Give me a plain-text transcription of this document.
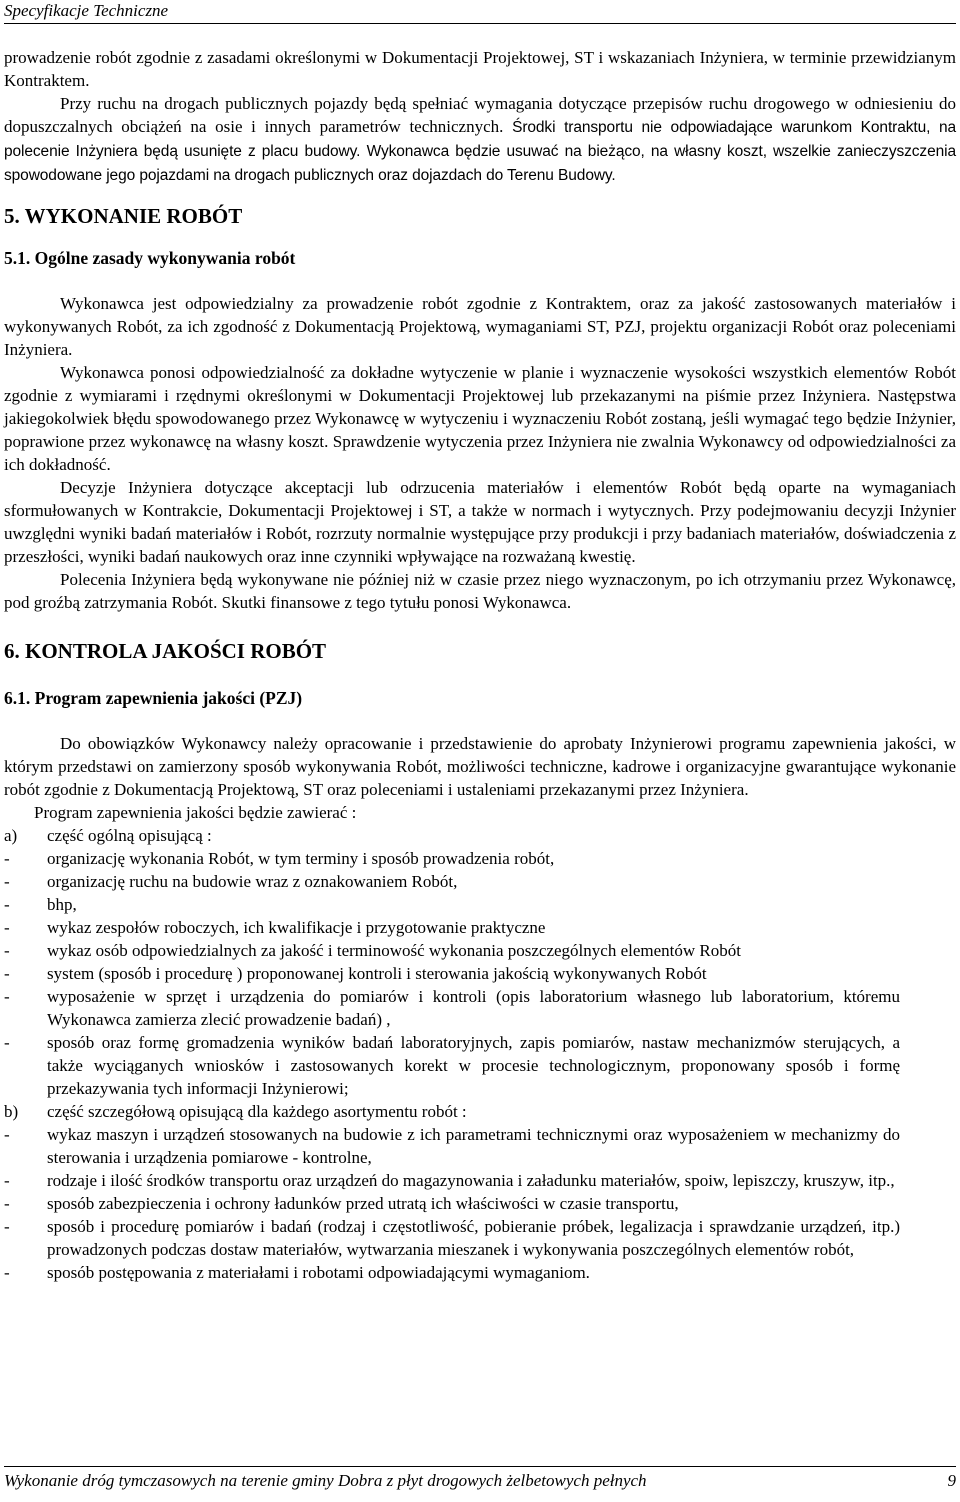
Specyfikacje Techniczne

prowadzenie robót zgodnie z zasadami określonymi w Dokumentacji Projektowej, ST i wskazaniach Inżyniera, w terminie przewidzianym Kontraktem.

Przy ruchu na drogach publicznych pojazdy będą spełniać wymagania dotyczące przepisów ruchu drogowego w odniesieniu do dopuszczalnych obciążeń na osie i innych parametrów technicznych. Środki transportu nie odpowiadające warunkom Kontraktu, na polecenie Inżyniera będą usunięte z placu budowy. Wykonawca będzie usuwać na bieżąco, na własny koszt, wszelkie zanieczyszczenia spowodowane jego pojazdami na drogach publicznych oraz dojazdach do Terenu Budowy.

5. WYKONANIE ROBÓT
5.1. Ogólne zasady wykonywania robót

Wykonawca jest odpowiedzialny za prowadzenie robót zgodnie z Kontraktem, oraz za jakość zastosowanych materiałów i wykonywanych Robót, za ich zgodność z Dokumentacją Projektową, wymaganiami ST, PZJ, projektu organizacji Robót oraz poleceniami Inżyniera.

Wykonawca ponosi odpowiedzialność za dokładne wytyczenie w planie i wyznaczenie wysokości wszystkich elementów Robót zgodnie z wymiarami i rzędnymi określonymi w Dokumentacji Projektowej lub przekazanymi na piśmie przez Inżyniera. Następstwa jakiegokolwiek błędu spowodowanego przez Wykonawcę w wytyczeniu i wyznaczeniu Robót zostaną, jeśli wymagać tego będzie Inżynier, poprawione przez wykonawcę na własny koszt. Sprawdzenie wytyczenia przez Inżyniera nie zwalnia Wykonawcy od odpowiedzialności za ich dokładność.

Decyzje Inżyniera dotyczące akceptacji lub odrzucenia materiałów i elementów Robót będą oparte na wymaganiach sformułowanych w Kontrakcie, Dokumentacji Projektowej i ST, a także w normach i wytycznych. Przy podejmowaniu decyzji Inżynier uwzględni wyniki badań materiałów i Robót, rozrzuty normalnie występujące przy produkcji i przy badaniach materiałów, doświadczenia z przeszłości, wyniki badań naukowych oraz inne czynniki wpływające na rozważaną kwestię.

Polecenia Inżyniera będą wykonywane nie później niż w czasie przez niego wyznaczonym, po ich otrzymaniu przez Wykonawcę, pod groźbą zatrzymania Robót. Skutki finansowe z tego tytułu ponosi Wykonawca.

6. KONTROLA JAKOŚCI ROBÓT
6.1. Program zapewnienia jakości (PZJ)

Do obowiązków Wykonawcy należy opracowanie i przedstawienie do aprobaty Inżynierowi programu zapewnienia jakości, w którym przedstawi on zamierzony sposób wykonywania Robót, możliwości techniczne, kadrowe i organizacyjne gwarantujące wykonanie robót zgodnie z Dokumentacją Projektową, ST oraz poleceniami i ustaleniami przekazanymi przez Inżyniera.

Program zapewnienia jakości będzie zawierać :

a)	część ogólną opisującą :
-	organizację wykonania Robót, w tym terminy i sposób prowadzenia robót,
-	organizację ruchu na budowie wraz z oznakowaniem Robót,
-	bhp,
-	wykaz zespołów roboczych, ich kwalifikacje i przygotowanie praktyczne
-	wykaz osób odpowiedzialnych za jakość i terminowość wykonania poszczególnych elementów Robót
-	system (sposób i procedurę ) proponowanej kontroli i sterowania jakością wykonywanych Robót
-	wyposażenie w sprzęt i urządzenia do pomiarów i kontroli (opis laboratorium własnego lub laboratorium, któremu Wykonawca zamierza zlecić prowadzenie badań) ,
-	sposób oraz formę gromadzenia wyników badań laboratoryjnych, zapis pomiarów, nastaw mechanizmów sterujących, a także wyciąganych wniosków i zastosowanych korekt w procesie technologicznym, proponowany sposób i formę przekazywania tych informacji Inżynierowi;
b)	część szczegółową opisującą dla każdego asortymentu robót :
-	wykaz maszyn i urządzeń stosowanych na budowie z ich parametrami technicznymi oraz wyposażeniem w mechanizmy do sterowania i urządzenia pomiarowe - kontrolne,
-	rodzaje i ilość środków transportu oraz urządzeń do magazynowania i załadunku materiałów, spoiw, lepiszczy, kruszyw, itp.,
-	sposób zabezpieczenia i ochrony ładunków przed utratą ich właściwości w czasie transportu,
-	sposób i procedurę pomiarów i badań (rodzaj i częstotliwość, pobieranie próbek, legalizacja i sprawdzanie urządzeń, itp.) prowadzonych podczas dostaw materiałów, wytwarzania mieszanek i wykonywania poszczególnych elementów robót,
-	sposób postępowania z materiałami i robotami odpowiadającymi wymaganiom.
Wykonanie dróg tymczasowych na terenie gminy Dobra z płyt drogowych żelbetowych pełnych	9
